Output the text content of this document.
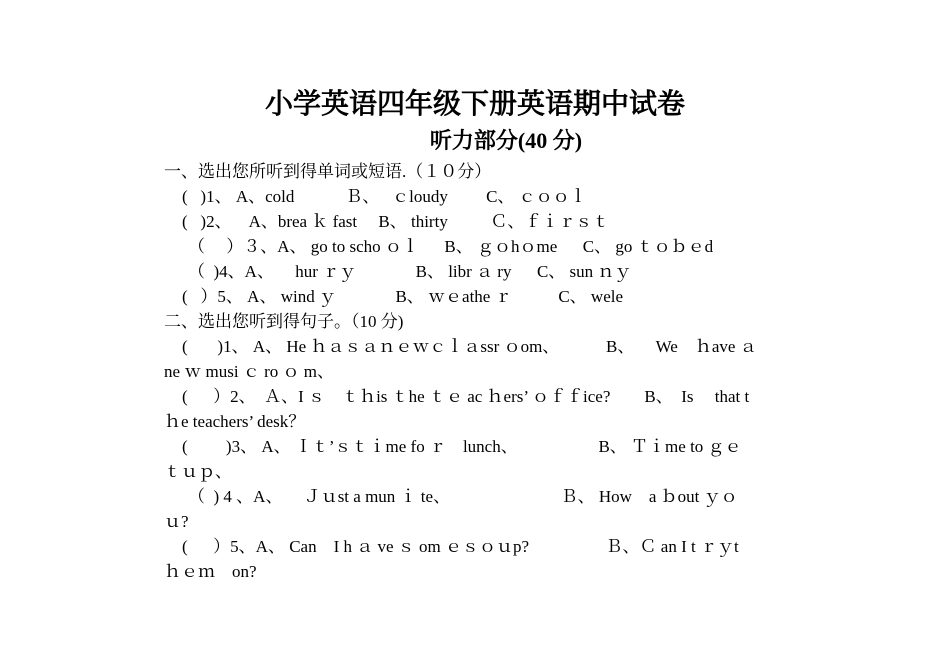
小学英语四年级下册英语期中试卷
听力部分(40 分)
一、选出您所听到得单词或短语.（１０分）
(   )1、 A、cold            Ｂ、   ｃloudy         C、 ｃｏｏｌ
(   )2、    A、brea ｋ fast     B、 thirty          Ｃ、ｆｉｒｓｔ
（     ）３、A、 go to scho ｏｌ      B、 ｇｏhｏme      C、 go ｔｏｂｅd
（  )4、A、     hur ｒｙ              B、 libr ａ ry      C、 sun ｎｙ
(   ）5、 A、 wind ｙ              B、 ｗｅathe ｒ           C、 wele
二、选出您听到得句子。（10 分)
(       )1、 A、 He ｈａｓａｎｅｗｃｌａssr ｏom、           B、     We    ｈave ａ
ne ｗ musi ｃ ro ｏ m、
(      ）2、  Ａ、I ｓ    ｔｈis ｔhe ｔｅ ac ｈers’ ｏｆｆice?        B、  Is     that t
ｈe teachers’ desk？
(         )3、 A、 Ｉｔ’ｓｔｉme fo ｒ    lunch、                   B、 Ｔｉme to ｇｅ
ｔｕｐ、
（  ) 4 、A、     Ｊｕst a mun ｉ te、                          Ｂ、 How    a ｂout ｙｏ
ｕ?
(      ）5、A、 Can    I h ａ ve ｓ om ｅｓｏｕp?                  Ｂ、Ｃ an I t ｒｙt
ｈｅｍ    on?
